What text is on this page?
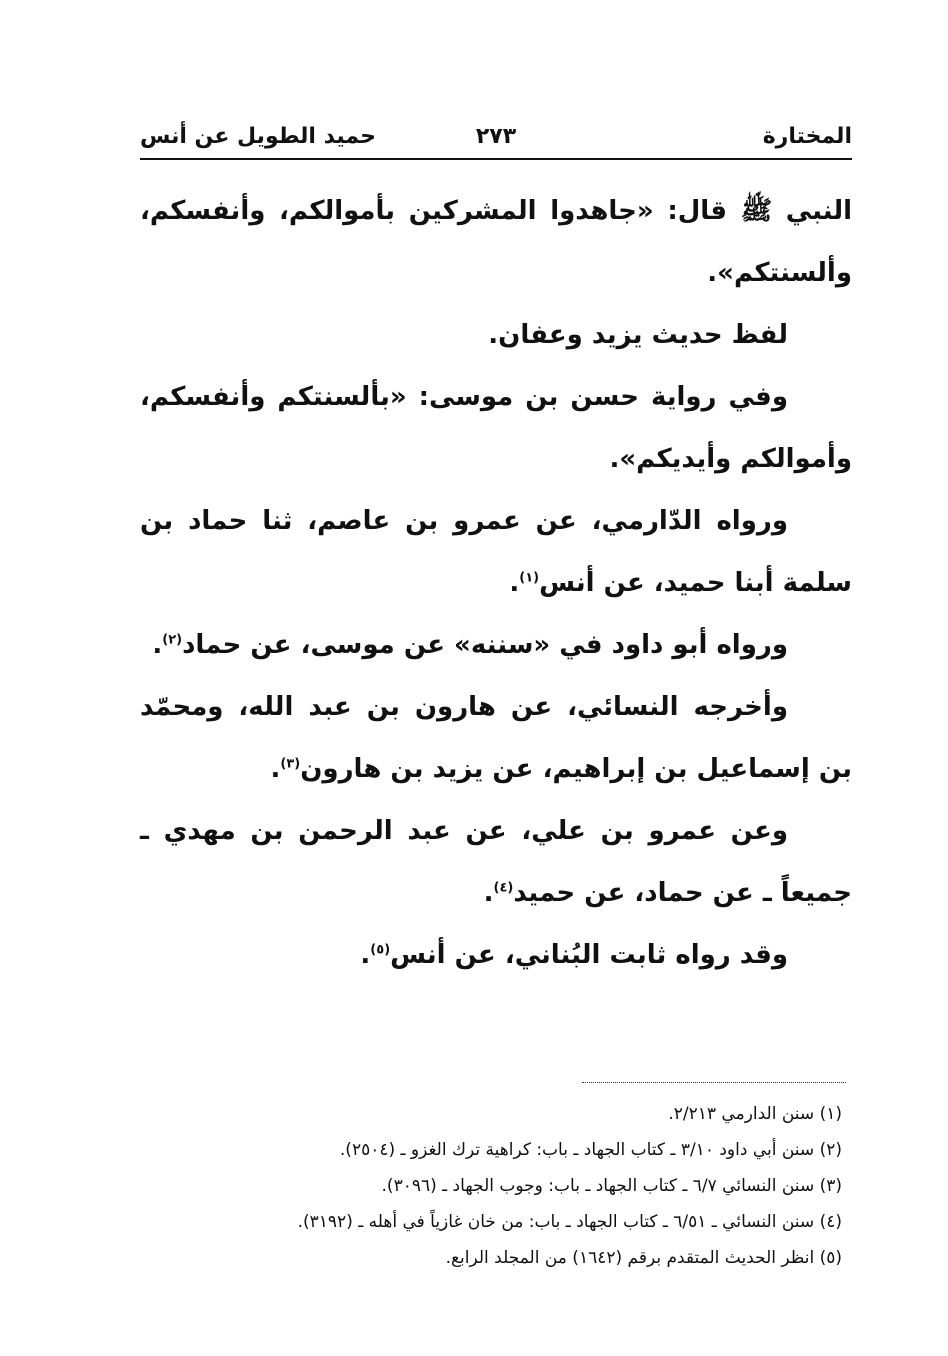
المختارة
٢٧٣
حميد الطويل عن أنس

النبي ﷺ قال: «جاهدوا المشركين بأموالكم، وأنفسكم، وألسنتكم».

لفظ حديث يزيد وعفان.

وفي رواية حسن بن موسى: «بألسنتكم وأنفسكم، وأموالكم وأيديكم».

ورواه الدّارمي، عن عمرو بن عاصم، ثنا حماد بن سلمة أبنا حميد، عن أنس$^{(١)}$.

ورواه أبو داود في «سننه» عن موسى، عن حماد$^{(٢)}$.

وأخرجه النسائي، عن هارون بن عبد الله، ومحمّد بن إسماعيل بن إبراهيم، عن يزيد بن هارون$^{(٣)}$.

وعن عمرو بن علي، عن عبد الرحمن بن مهدي ـ جميعاً ـ عن حماد، عن حميد$^{(٤)}$.

وقد رواه ثابت البُناني، عن أنس$^{(٥)}$.

(١) سنن الدارمي ٢/٢١٣.
(٢) سنن أبي داود ٣/١٠ ـ كتاب الجهاد ـ باب: كراهية ترك الغزو ـ (٢٥٠٤).
(٣) سنن النسائي ٦/٧ ـ كتاب الجهاد ـ باب: وجوب الجهاد ـ (٣٠٩٦).
(٤) سنن النسائي ـ ٦/٥١ ـ كتاب الجهاد ـ باب: من خان غازياً في أهله ـ (٣١٩٢).
(٥) انظر الحديث المتقدم برقم (١٦٤٢) من المجلد الرابع.
